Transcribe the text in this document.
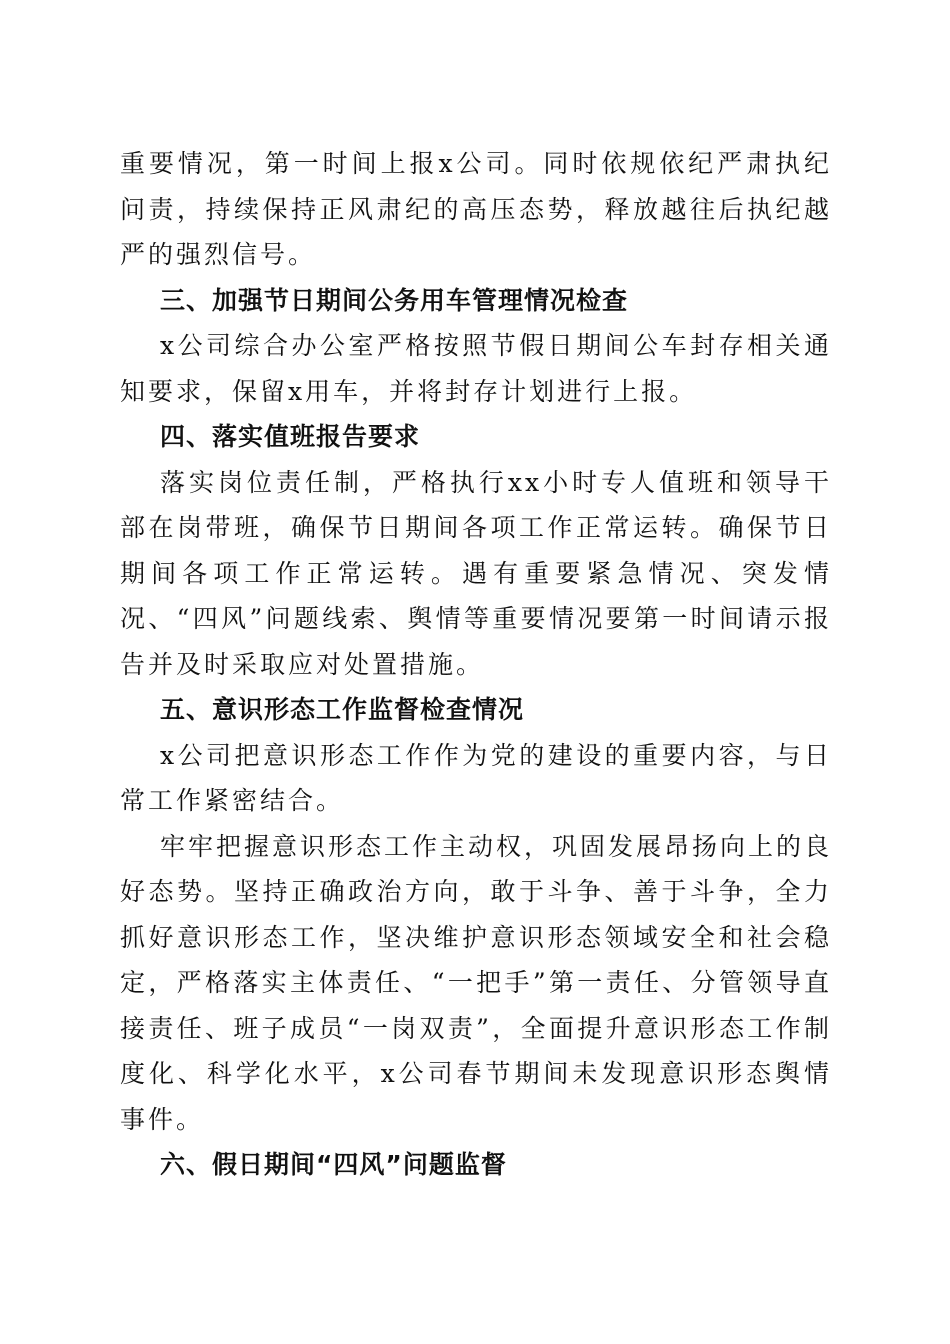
重要情况，第一时间上报x公司。同时依规依纪严肃执纪问责，持续保持正风肃纪的高压态势，释放越往后执纪越严的强烈信号。

三、加强节日期间公务用车管理情况检查

x公司综合办公室严格按照节假日期间公车封存相关通知要求，保留x用车，并将封存计划进行上报。

四、落实值班报告要求

落实岗位责任制，严格执行xx小时专人值班和领导干部在岗带班，确保节日期间各项工作正常运转。确保节日期间各项工作正常运转。遇有重要紧急情况、突发情况、“四风”问题线索、舆情等重要情况要第一时间请示报告并及时采取应对处置措施。

五、意识形态工作监督检查情况

x公司把意识形态工作作为党的建设的重要内容，与日常工作紧密结合。

牢牢把握意识形态工作主动权，巩固发展昂扬向上的良好态势。坚持正确政治方向，敢于斗争、善于斗争，全力抓好意识形态工作，坚决维护意识形态领域安全和社会稳定，严格落实主体责任、“一把手”第一责任、分管领导直接责任、班子成员“一岗双责”，全面提升意识形态工作制度化、科学化水平，x公司春节期间未发现意识形态舆情事件。

六、假日期间“四风”问题监督
